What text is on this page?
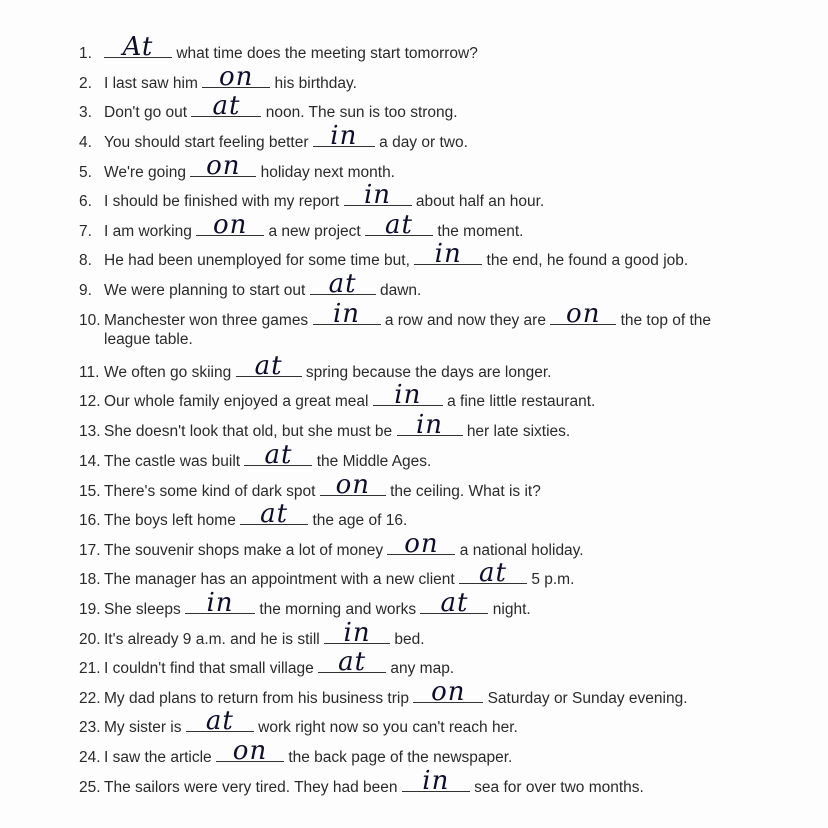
1. At what time does the meeting start tomorrow?
2. I last saw him on his birthday.
3. Don't go out at noon. The sun is too strong.
4. You should start feeling better in a day or two.
5. We're going on holiday next month.
6. I should be finished with my report in about half an hour.
7. I am working on a new project at the moment.
8. He had been unemployed for some time but, in the end, he found a good job.
9. We were planning to start out at dawn.
10. Manchester won three games in a row and now they are on the top of the
11. We often go skiing at spring because the days are longer.
12. Our whole family enjoyed a great meal in a fine little restaurant.
13. She doesn't look that old, but she must be in her late sixties.
14. The castle was built at the Middle Ages.
15. There's some kind of dark spot on the ceiling. What is it?
16. The boys left home at the age of 16.
17. The souvenir shops make a lot of money on a national holiday.
18. The manager has an appointment with a new client at 5 p.m.
19. She sleeps in the morning and works at night.
20. It's already 9 a.m. and he is still in bed.
21. I couldn't find that small village at any map.
22. My dad plans to return from his business trip on Saturday or Sunday evening.
23. My sister is at work right now so you can't reach her.
24. I saw the article on the back page of the newspaper.
25. The sailors were very tired. They had been in sea for over two months.
league table.
